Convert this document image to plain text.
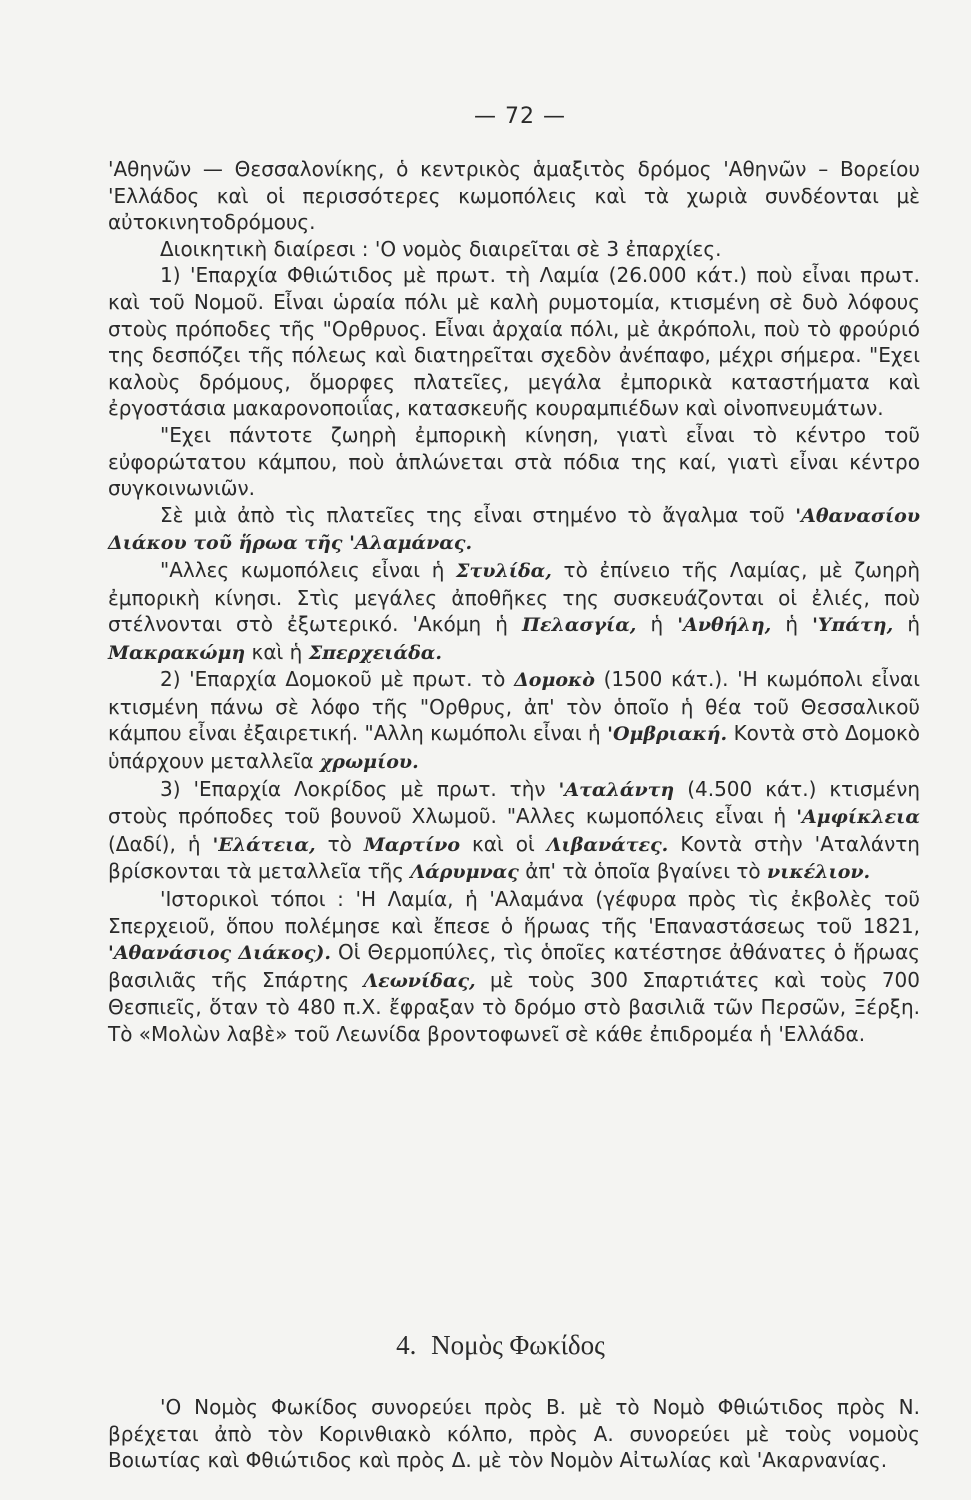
— 72 —

'Αθηνῶν — Θεσσαλονίκης, ὁ κεντρικὸς ἁμαξιτὸς δρόμος 'Αθηνῶν – Βορείου 'Ελλάδος καὶ οἱ περισσότερες κωμοπόλεις καὶ τὰ χωριὰ συνδέονται μὲ αὐτοκινητοδρόμους.

Διοικητικὴ διαίρεσι : 'Ο νομὸς διαιρεῖται σὲ 3 ἐπαρχίες.

1) 'Επαρχία Φθιώτιδος μὲ πρωτ. τὴ Λαμία (26.000 κάτ.) ποὺ εἶναι πρωτ. καὶ τοῦ Νομοῦ. Εἶναι ὡραία πόλι μὲ καλὴ ρυμοτομία, κτισμένη σὲ δυὸ λόφους στοὺς πρόποδες τῆς "Ορθρυος. Εἶναι ἀρχαία πόλι, μὲ ἀκρόπολι, ποὺ τὸ φρούριό της δεσπόζει τῆς πόλεως καὶ διατηρεῖται σχεδὸν ἀνέπαφο, μέχρι σήμερα. "Εχει καλοὺς δρόμους, ὅμορφες πλατεῖες, μεγάλα ἐμπορικὰ καταστήματα καὶ ἐργοστάσια μακαρονοποιΐας, κατασκευῆς κουραμπιέδων καὶ οἰνοπνευμάτων.

"Εχει πάντοτε ζωηρὴ ἐμπορικὴ κίνηση, γιατὶ εἶναι τὸ κέντρο τοῦ εὐφορώτατου κάμπου, ποὺ ἁπλώνεται στὰ πόδια της καί, γιατὶ εἶναι κέντρο συγκοινωνιῶν.

Σὲ μιὰ ἀπὸ τὶς πλατεῖες της εἶναι στημένο τὸ ἄγαλμα τοῦ 'Αθανασίου Διάκου τοῦ ἥρωα τῆς 'Αλαμάνας.

"Αλλες κωμοπόλεις εἶναι ἡ Στυλίδα, τὸ ἐπίνειο τῆς Λαμίας, μὲ ζωηρὴ ἐμπορικὴ κίνησι. Στὶς μεγάλες ἀποθῆκες της συσκευάζονται οἱ ἐλιές, ποὺ στέλνονται στὸ ἐξωτερικό. 'Ακόμη ἡ Πελασγία, ἡ 'Ανθήλη, ἡ 'Υπάτη, ἡ Μακρακώμη καὶ ἡ Σπερχειάδα.

2) 'Επαρχία Δομοκοῦ μὲ πρωτ. τὸ Δομοκὸ (1500 κάτ.). 'Η κωμόπολι εἶναι κτισμένη πάνω σὲ λόφο τῆς "Ορθρυς, ἀπ' τὸν ὁποῖο ἡ θέα τοῦ Θεσσαλικοῦ κάμπου εἶναι ἐξαιρετική. "Αλλη κωμόπολι εἶναι ἡ 'Ομβριακή. Κοντὰ στὸ Δομοκὸ ὑπάρχουν μεταλλεῖα χρωμίου.

3) 'Επαρχία Λοκρίδος μὲ πρωτ. τὴν 'Αταλάντη (4.500 κάτ.) κτισμένη στοὺς πρόποδες τοῦ βουνοῦ Χλωμοῦ. "Αλλες κωμοπόλεις εἶναι ἡ 'Αμφίκλεια (Δαδί), ἡ 'Ελάτεια, τὸ Μαρτίνο καὶ οἱ Λιβανάτες. Κοντὰ στὴν 'Αταλάντη βρίσκονται τὰ μεταλλεῖα τῆς Λάρυμνας ἀπ' τὰ ὁποῖα βγαίνει τὸ νικέλιον.

'Ιστορικοὶ τόποι : 'Η Λαμία, ἡ 'Αλαμάνα (γέφυρα πρὸς τὶς ἐκβολὲς τοῦ Σπερχειοῦ, ὅπου πολέμησε καὶ ἔπεσε ὁ ἥρωας τῆς 'Επαναστάσεως τοῦ 1821, 'Αθανάσιος Διάκος). Οἱ Θερμοπύλες, τὶς ὁποῖες κατέστησε ἀθάνατες ὁ ἥρωας βασιλιᾶς τῆς Σπάρτης Λεωνίδας, μὲ τοὺς 300 Σπαρτιάτες καὶ τοὺς 700 Θεσπιεῖς, ὅταν τὸ 480 π.Χ. ἔφραξαν τὸ δρόμο στὸ βασιλιᾶ τῶν Περσῶν, Ξέρξη. Τὸ «Μολὼν λαβὲ» τοῦ Λεωνίδα βροντοφωνεῖ σὲ κάθε ἐπιδρομέα ἡ 'Ελλάδα.

4. Νομὸς Φωκίδος

'Ο Νομὸς Φωκίδος συνορεύει πρὸς Β. μὲ τὸ Νομὸ Φθιώτιδος πρὸς Ν. βρέχεται ἀπὸ τὸν Κορινθιακὸ κόλπο, πρὸς Α. συνορεύει μὲ τοὺς νομοὺς Βοιωτίας καὶ Φθιώτιδος καὶ πρὸς Δ. μὲ τὸν Νομὸν Αἰτωλίας καὶ 'Ακαρνανίας.
